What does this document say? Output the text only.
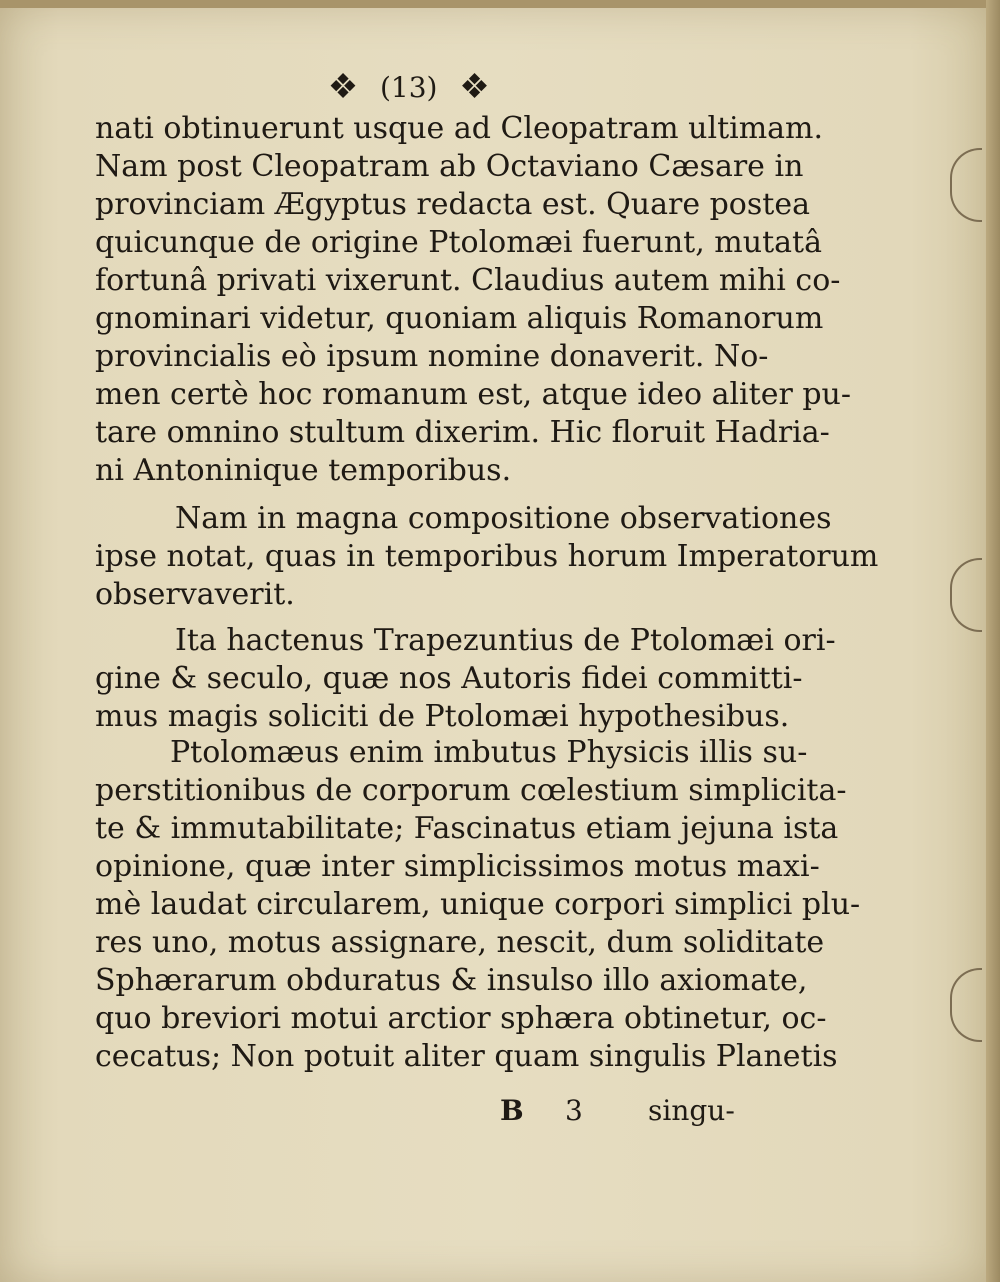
❖ (13) ❖
nati obtinuerunt usque ad Cleopatram ultimam.
Nam post Cleopatram ab Octaviano Cæsare in
provinciam Ægyptus redacta est. Quare postea
quicunque de origine Ptolomæi fuerunt, mutatâ
fortunâ privati vixerunt. Claudius autem mihi co-
gnominari videtur, quoniam aliquis Romanorum
provincialis eò ipsum nomine donaverit. No-
men certè hoc romanum est, atque ideo aliter pu-
tare omnino stultum dixerim. Hic floruit Hadria-
ni Antoninique temporibus.
Nam in magna compositione observationes
ipse notat, quas in temporibus horum Imperatorum
observaverit.
Ita hactenus Trapezuntius de Ptolomæi ori-
gine & seculo, quæ nos Autoris fidei committi-
mus magis soliciti de Ptolomæi hypothesibus.
Ptolomæus enim imbutus Physicis illis su-
perstitionibus de corporum cœlestium simplicita-
te & immutabilitate; Fascinatus etiam jejuna ista
opinione, quæ inter simplicissimos motus maxi-
mè laudat circularem, unique corpori simplici plu-
res uno, motus assignare, nescit, dum soliditate
Sphærarum obduratus & insulso illo axiomate,
quo breviori motui arctior sphæra obtinetur, oc-
cecatus; Non potuit aliter quam singulis Planetis
B 3 singu-
